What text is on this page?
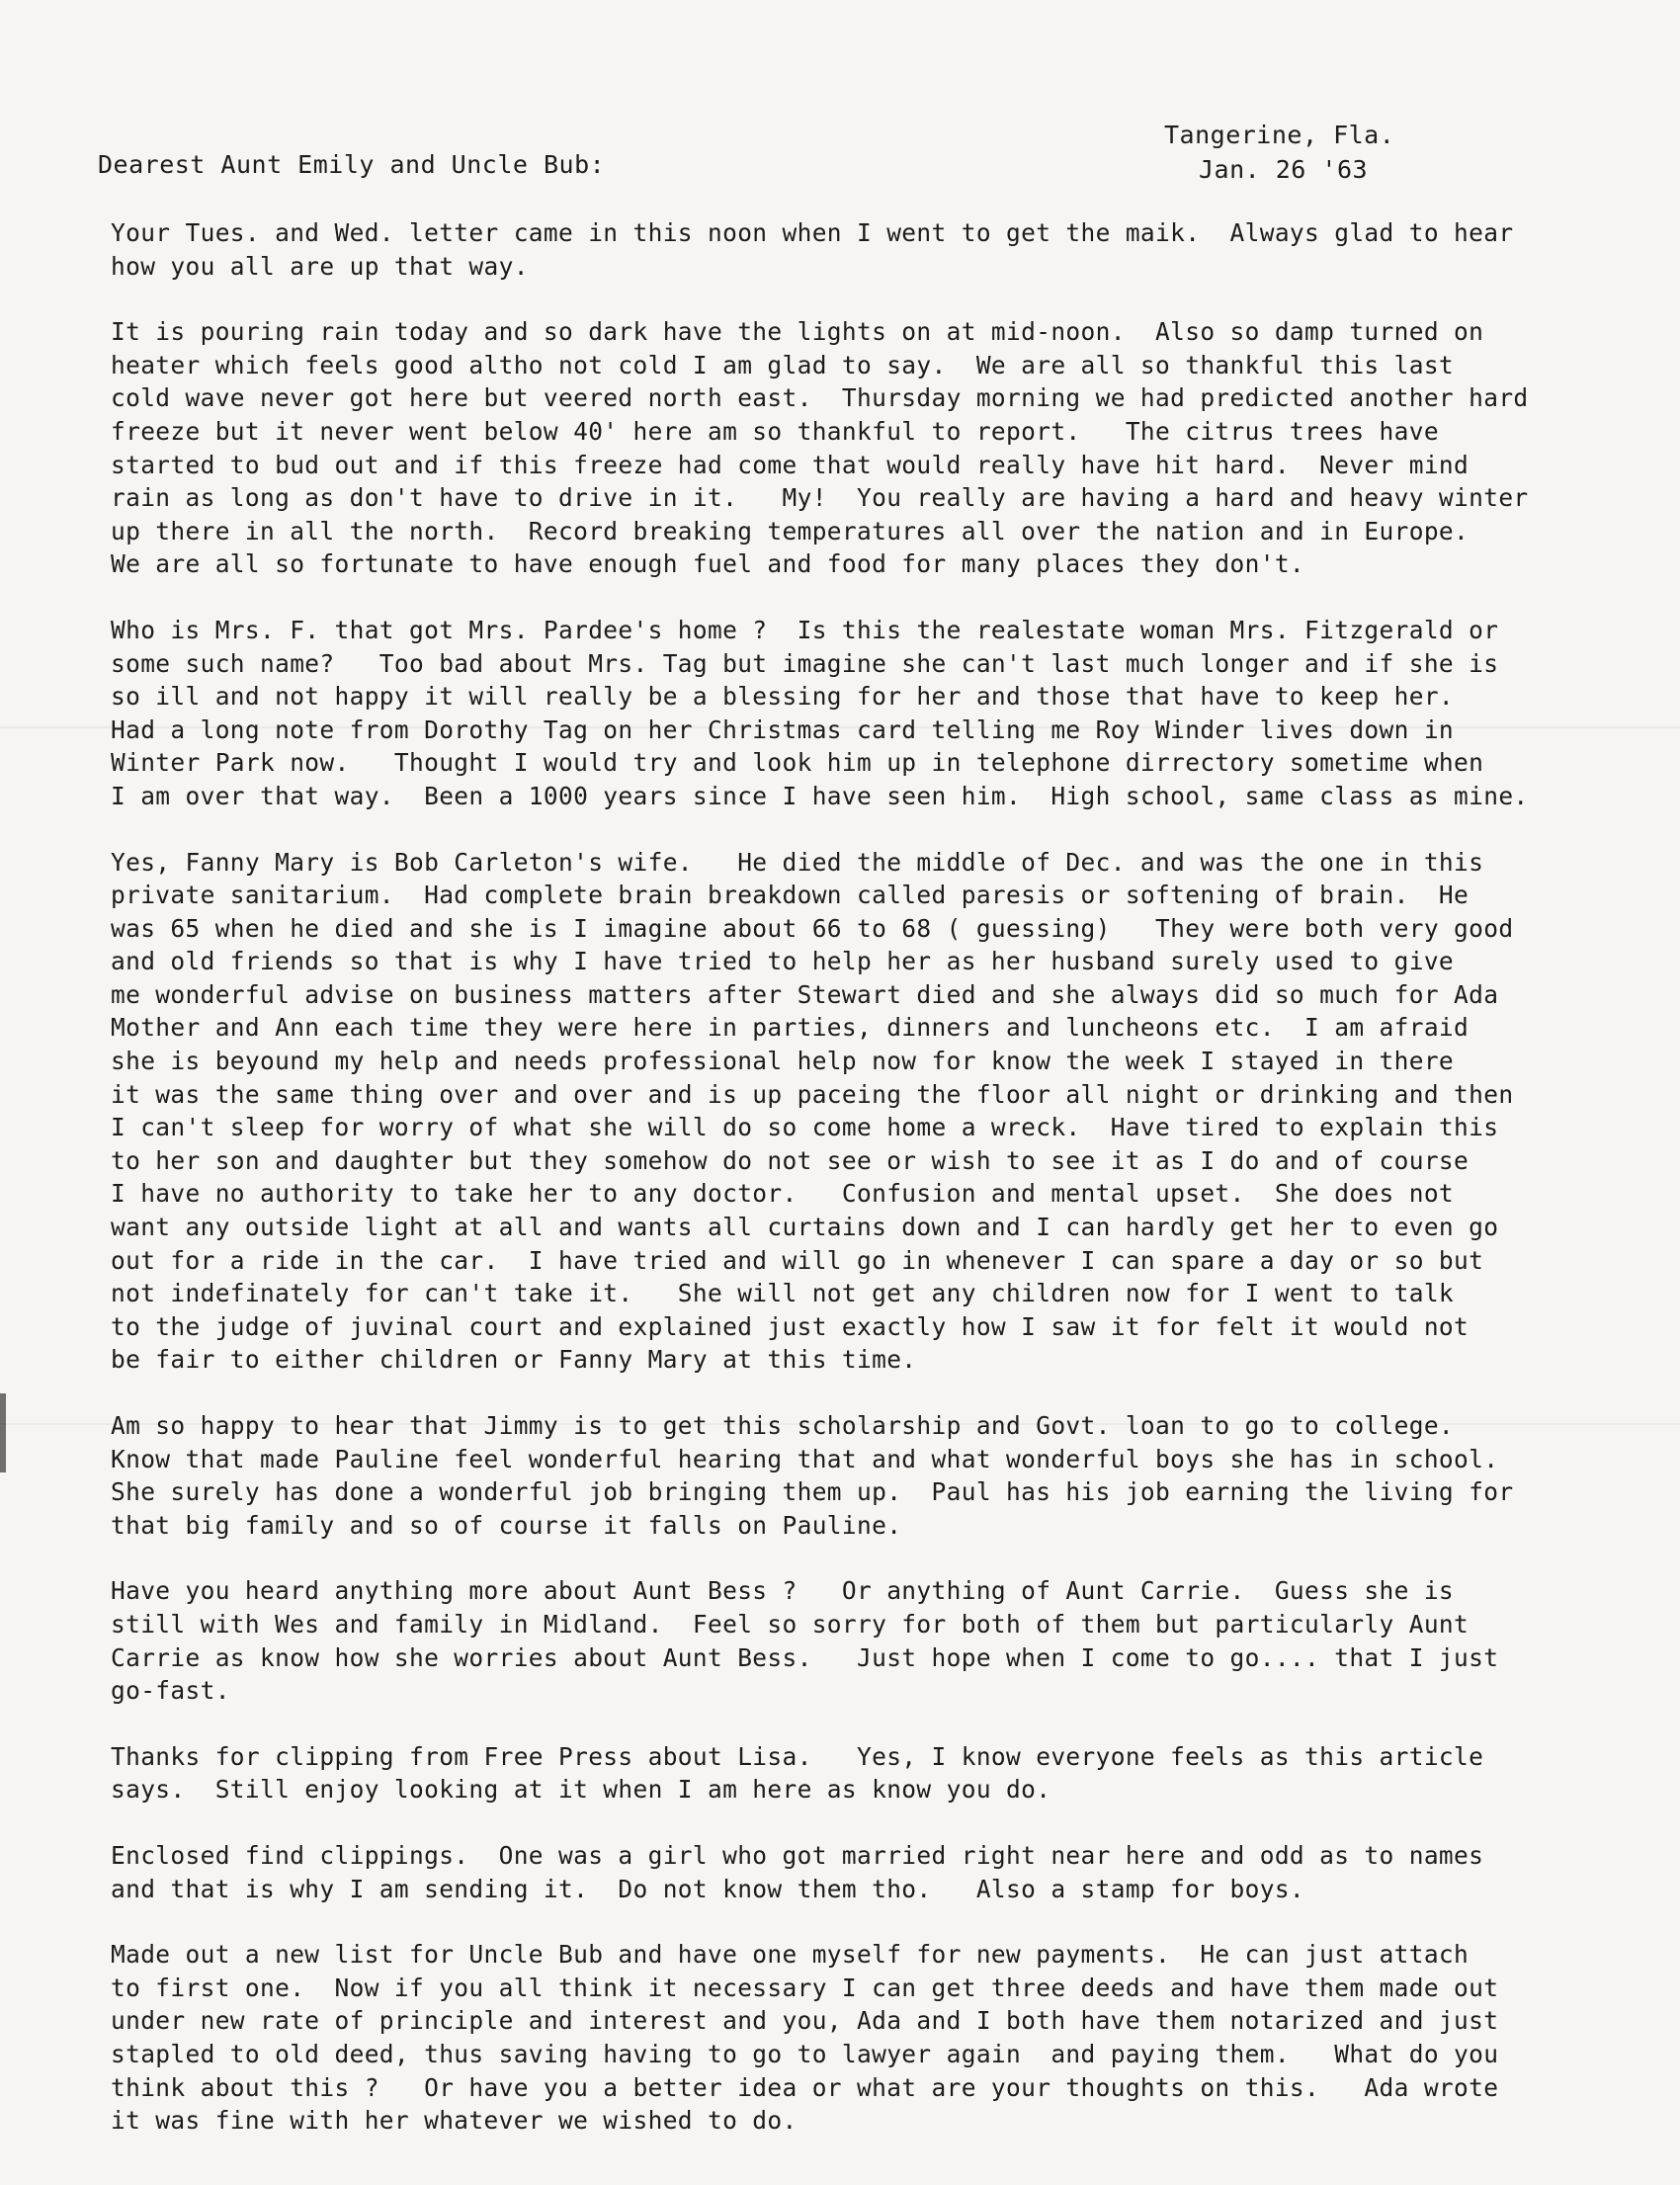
Tangerine, Fla.
Jan. 26 '63
Dearest Aunt Emily and Uncle Bub:
Your Tues. and Wed. letter came in this noon when I went to get the maik.  Always glad to hear
how you all are up that way.
It is pouring rain today and so dark have the lights on at mid-noon.  Also so damp turned on
heater which feels good altho not cold I am glad to say.  We are all so thankful this last
cold wave never got here but veered north east.  Thursday morning we had predicted another hard
freeze but it never went below 40' here am so thankful to report.   The citrus trees have
started to bud out and if this freeze had come that would really have hit hard.  Never mind
rain as long as don't have to drive in it.   My!  You really are having a hard and heavy winter
up there in all the north.  Record breaking temperatures all over the nation and in Europe.
We are all so fortunate to have enough fuel and food for many places they don't.
Who is Mrs. F. that got Mrs. Pardee's home ?  Is this the realestate woman Mrs. Fitzgerald or
some such name?   Too bad about Mrs. Tag but imagine she can't last much longer and if she is
so ill and not happy it will really be a blessing for her and those that have to keep her.
Had a long note from Dorothy Tag on her Christmas card telling me Roy Winder lives down in
Winter Park now.   Thought I would try and look him up in telephone dirrectory sometime when
I am over that way.  Been a 1000 years since I have seen him.  High school, same class as mine.
Yes, Fanny Mary is Bob Carleton's wife.   He died the middle of Dec. and was the one in this
private sanitarium.  Had complete brain breakdown called paresis or softening of brain.  He
was 65 when he died and she is I imagine about 66 to 68 ( guessing)   They were both very good
and old friends so that is why I have tried to help her as her husband surely used to give
me wonderful advise on business matters after Stewart died and she always did so much for Ada
Mother and Ann each time they were here in parties, dinners and luncheons etc.  I am afraid
she is beyound my help and needs professional help now for know the week I stayed in there
it was the same thing over and over and is up paceing the floor all night or drinking and then
I can't sleep for worry of what she will do so come home a wreck.  Have tired to explain this
to her son and daughter but they somehow do not see or wish to see it as I do and of course
I have no authority to take her to any doctor.   Confusion and mental upset.  She does not
want any outside light at all and wants all curtains down and I can hardly get her to even go
out for a ride in the car.  I have tried and will go in whenever I can spare a day or so but
not indefinately for can't take it.   She will not get any children now for I went to talk
to the judge of juvinal court and explained just exactly how I saw it for felt it would not
be fair to either children or Fanny Mary at this time.
Am so happy to hear that Jimmy is to get this scholarship and Govt. loan to go to college.
Know that made Pauline feel wonderful hearing that and what wonderful boys she has in school.
She surely has done a wonderful job bringing them up.  Paul has his job earning the living for
that big family and so of course it falls on Pauline.
Have you heard anything more about Aunt Bess ?   Or anything of Aunt Carrie.  Guess she is
still with Wes and family in Midland.  Feel so sorry for both of them but particularly Aunt
Carrie as know how she worries about Aunt Bess.   Just hope when I come to go.... that I just
go-fast.
Thanks for clipping from Free Press about Lisa.   Yes, I know everyone feels as this article
says.  Still enjoy looking at it when I am here as know you do.
Enclosed find clippings.  One was a girl who got married right near here and odd as to names
and that is why I am sending it.  Do not know them tho.   Also a stamp for boys.
Made out a new list for Uncle Bub and have one myself for new payments.  He can just attach
to first one.  Now if you all think it necessary I can get three deeds and have them made out
under new rate of principle and interest and you, Ada and I both have them notarized and just
stapled to old deed, thus saving having to go to lawyer again  and paying them.   What do you
think about this ?   Or have you a better idea or what are your thoughts on this.   Ada wrote
it was fine with her whatever we wished to do.
